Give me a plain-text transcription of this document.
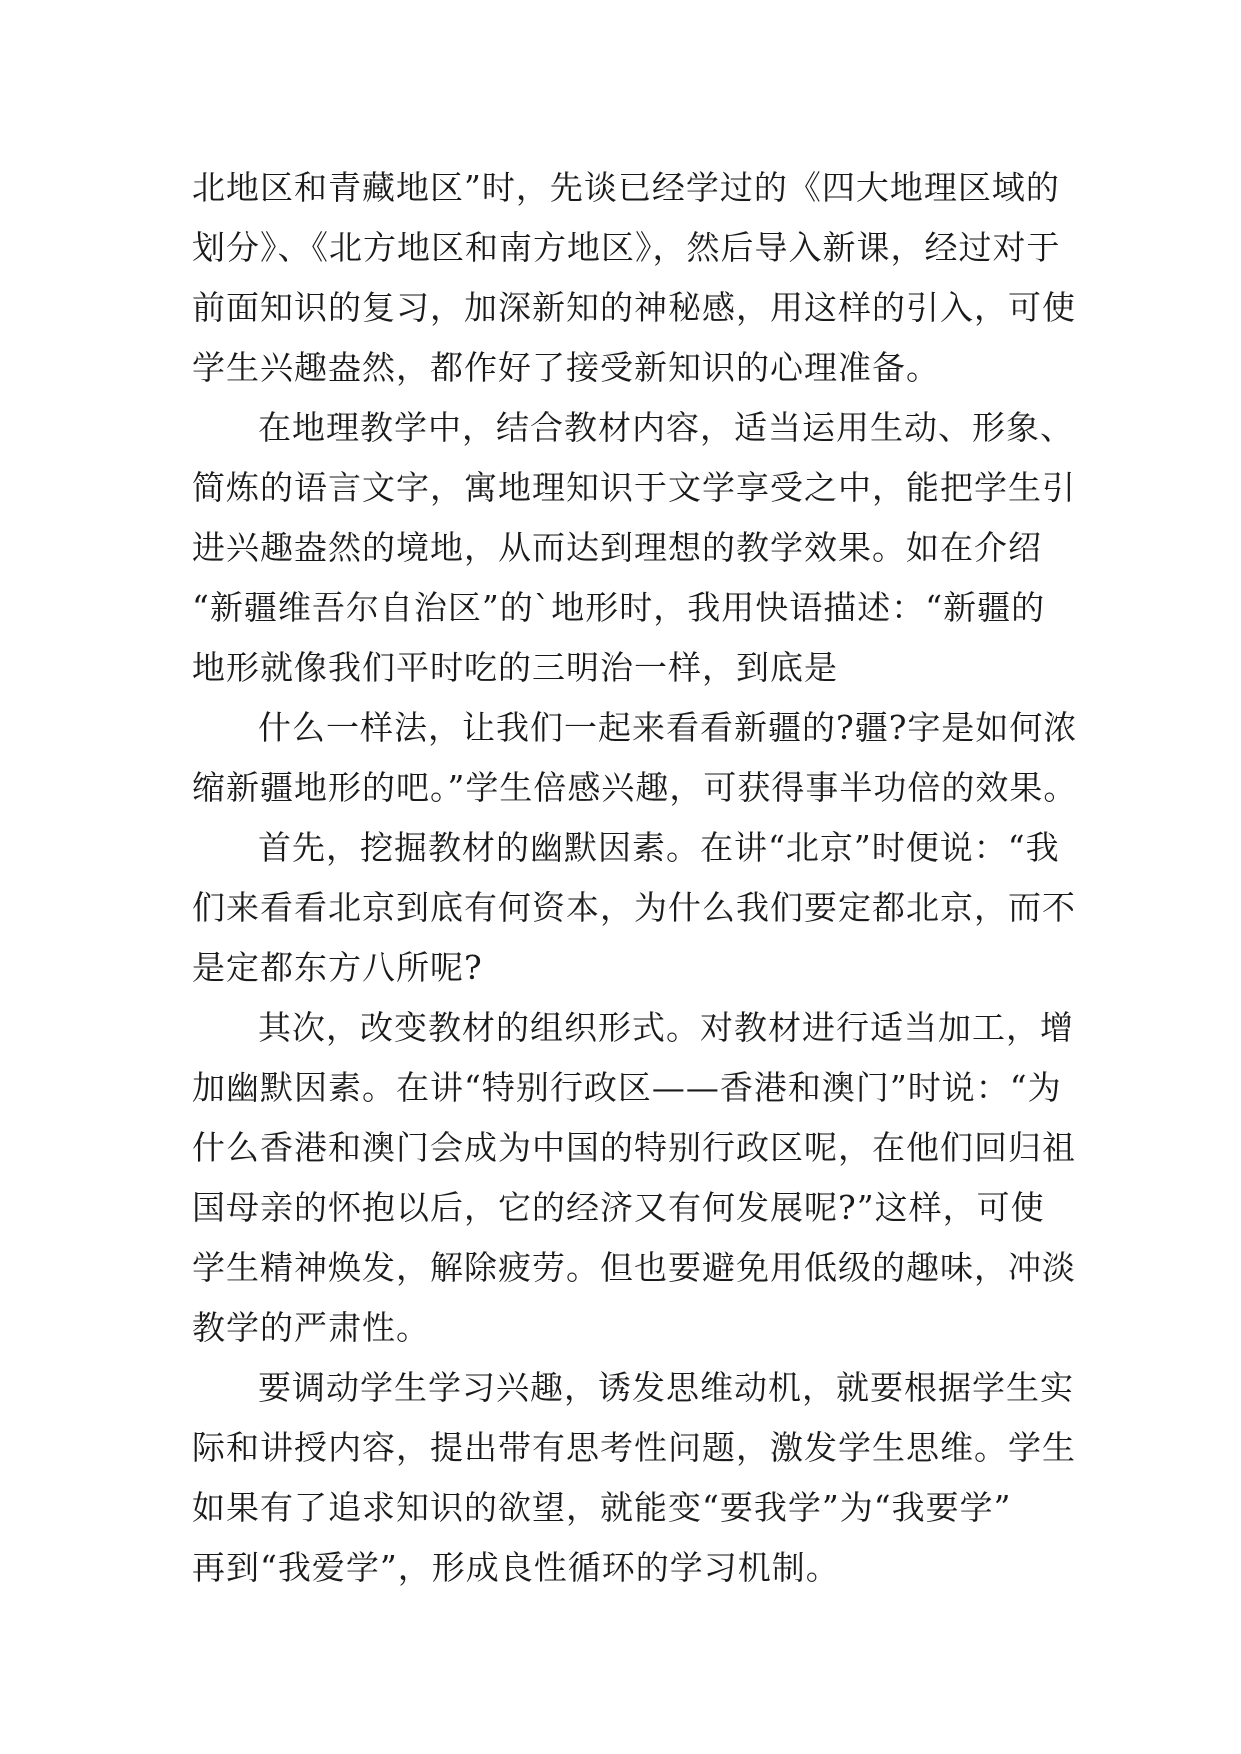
北地区和青藏地区”时，先谈已经学过的《四大地理区域的
划分》、《北方地区和南方地区》，然后导入新课，经过对于
前面知识的复习，加深新知的神秘感，用这样的引入，可使
学生兴趣盎然，都作好了接受新知识的心理准备。
在地理教学中，结合教材内容，适当运用生动、形象、
简炼的语言文字，寓地理知识于文学享受之中，能把学生引
进兴趣盎然的境地，从而达到理想的教学效果。如在介绍
“新疆维吾尔自治区”的`地形时，我用快语描述：“新疆的
地形就像我们平时吃的三明治一样，到底是
什么一样法，让我们一起来看看新疆的?疆?字是如何浓
缩新疆地形的吧。”学生倍感兴趣，可获得事半功倍的效果。
首先，挖掘教材的幽默因素。在讲“北京”时便说：“我
们来看看北京到底有何资本，为什么我们要定都北京，而不
是定都东方八所呢?
其次，改变教材的组织形式。对教材进行适当加工，增
加幽默因素。在讲“特别行政区——香港和澳门”时说：“为
什么香港和澳门会成为中国的特别行政区呢，在他们回归祖
国母亲的怀抱以后，它的经济又有何发展呢?”这样，可使
学生精神焕发，解除疲劳。但也要避免用低级的趣味，冲淡
教学的严肃性。
要调动学生学习兴趣，诱发思维动机，就要根据学生实
际和讲授内容，提出带有思考性问题，激发学生思维。学生
如果有了追求知识的欲望，就能变“要我学”为“我要学”
再到“我爱学”，形成良性循环的学习机制。
